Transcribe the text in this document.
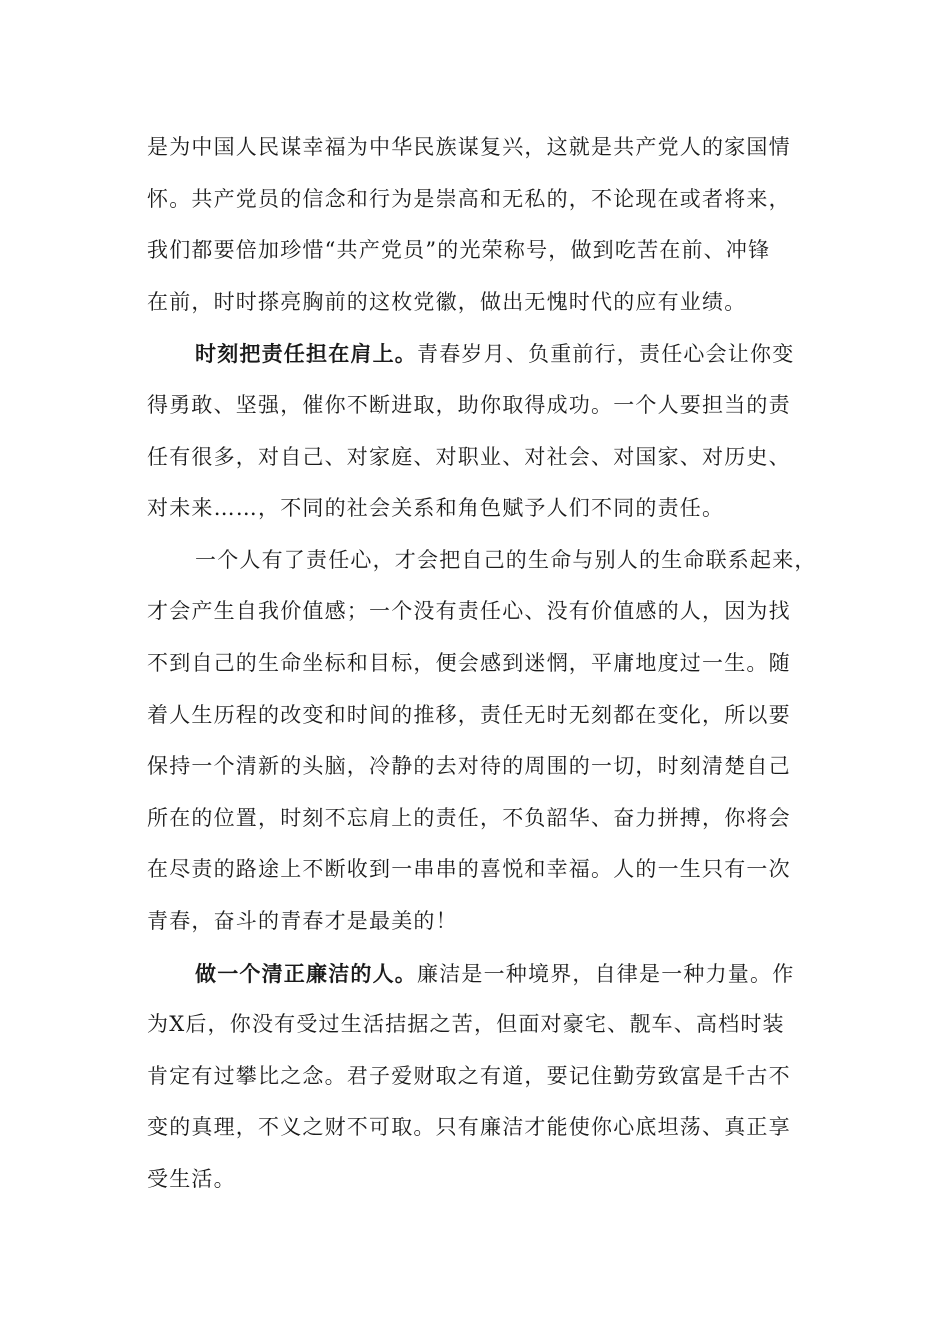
是为中国人民谋幸福为中华民族谋复兴，这就是共产党人的家国情
怀。共产党员的信念和行为是崇高和无私的，不论现在或者将来，
我们都要倍加珍惜“共产党员”的光荣称号，做到吃苦在前、冲锋
在前，时时搽亮胸前的这枚党徽，做出无愧时代的应有业绩。
时刻把责任担在肩上。青春岁月、负重前行，责任心会让你变
得勇敢、坚强，催你不断进取，助你取得成功。一个人要担当的责
任有很多，对自己、对家庭、对职业、对社会、对国家、对历史、
对未来……，不同的社会关系和角色赋予人们不同的责任。
一个人有了责任心，才会把自己的生命与别人的生命联系起来，
才会产生自我价值感；一个没有责任心、没有价值感的人，因为找
不到自己的生命坐标和目标，便会感到迷惘，平庸地度过一生。随
着人生历程的改变和时间的推移，责任无时无刻都在变化，所以要
保持一个清新的头脑，冷静的去对待的周围的一切，时刻清楚自己
所在的位置，时刻不忘肩上的责任，不负韶华、奋力拼搏，你将会
在尽责的路途上不断收到一串串的喜悦和幸福。人的一生只有一次
青春，奋斗的青春才是最美的！
做一个清正廉洁的人。廉洁是一种境界，自律是一种力量。作
为X后，你没有受过生活拮据之苦，但面对豪宅、靓车、高档时装
肯定有过攀比之念。君子爱财取之有道，要记住勤劳致富是千古不
变的真理，不义之财不可取。只有廉洁才能使你心底坦荡、真正享
受生活。
